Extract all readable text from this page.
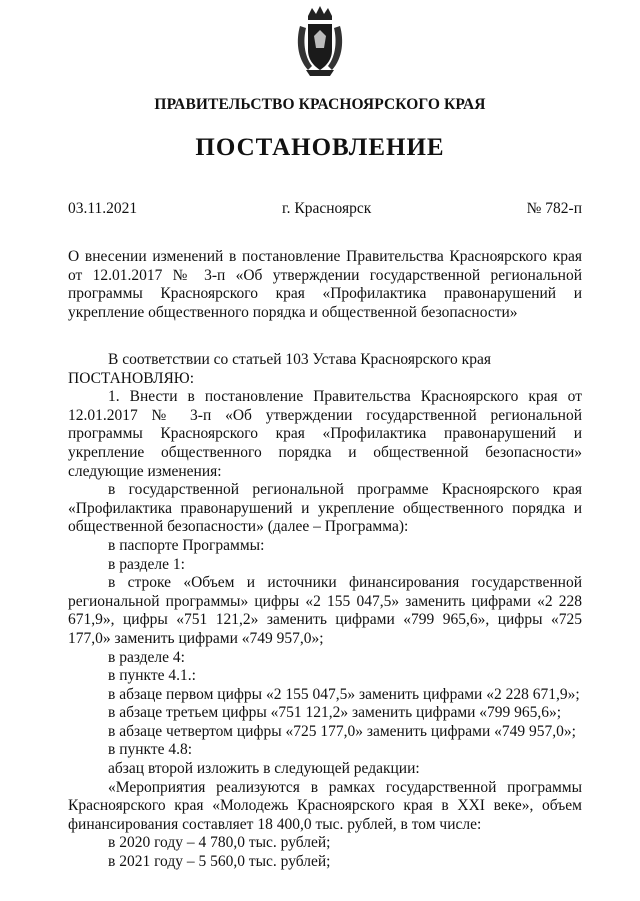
ПРАВИТЕЛЬСТВО КРАСНОЯРСКОГО КРАЯ
ПОСТАНОВЛЕНИЕ
03.11.2021	г. Красноярск	№ 782-п
О внесении изменений в постановление Правительства Красноярского края от 12.01.2017 № 3-п «Об утверждении государственной региональной программы Красноярского края «Профилактика правонарушений и укрепление общественного порядка и общественной безопасности»

В соответствии со статьей 103 Устава Красноярского края

ПОСТАНОВЛЯЮ:

1. Внести в постановление Правительства Красноярского края от 12.01.2017 № 3-п «Об утверждении государственной региональной программы Красноярского края «Профилактика правонарушений и укрепление общественного порядка и общественной безопасности» следующие изменения:

в государственной региональной программе Красноярского края «Профилактика правонарушений и укрепление общественного порядка и общественной безопасности» (далее – Программа):

в паспорте Программы:

в разделе 1:

в строке «Объем и источники финансирования государственной региональной программы» цифры «2 155 047,5» заменить цифрами «2 228 671,9», цифры «751 121,2» заменить цифрами «799 965,6», цифры «725 177,0» заменить цифрами «749 957,0»;

в разделе 4:

в пункте 4.1.:

в абзаце первом цифры «2 155 047,5» заменить цифрами «2 228 671,9»;

в абзаце третьем цифры «751 121,2» заменить цифрами «799 965,6»;

в абзаце четвертом цифры «725 177,0» заменить цифрами «749 957,0»;

в пункте 4.8:

абзац второй изложить в следующей редакции:

«Мероприятия реализуются в рамках государственной программы Красноярского края «Молодежь Красноярского края в XXI веке», объем финансирования составляет 18 400,0 тыс. рублей, в том числе:

в 2020 году – 4 780,0 тыс. рублей;

в 2021 году – 5 560,0 тыс. рублей;
